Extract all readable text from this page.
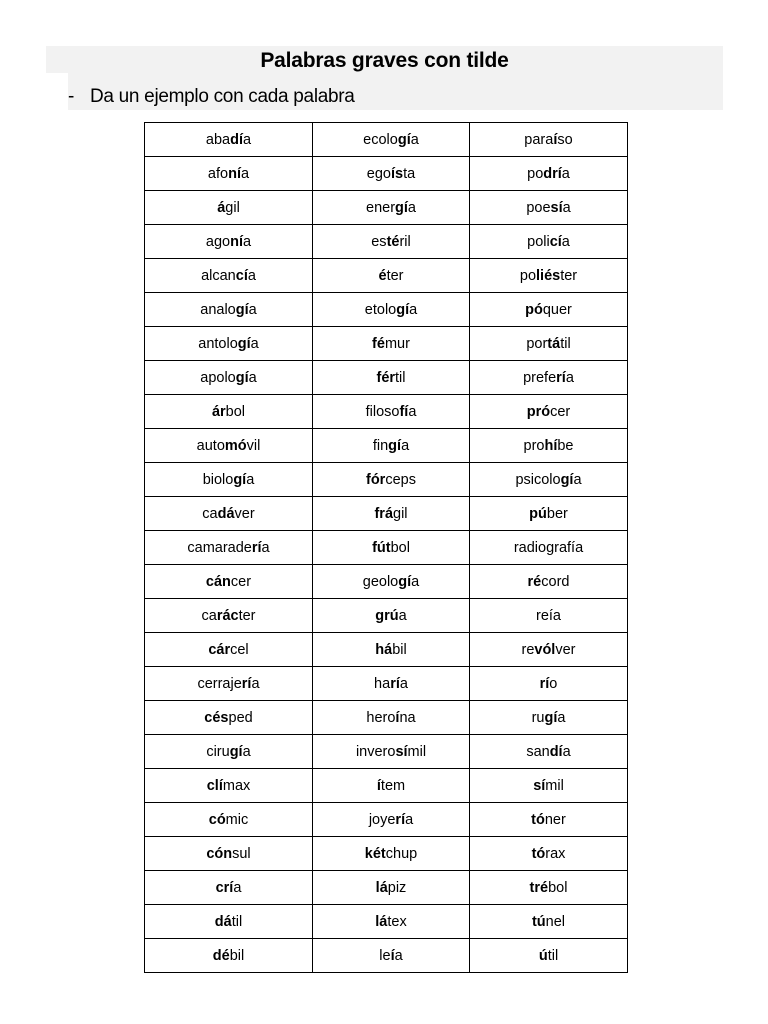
Palabras graves con tilde
- Da un ejemplo con cada palabra
abadía	ecología	paraíso
afonía	egoísta	podría
ágil	energía	poesía
agonía	estéril	policía
alcancía	éter	poliéster
analogía	etología	póquer
antología	fémur	portátil
apología	fértil	prefería
árbol	filosofía	prócer
automóvil	fingía	prohíbe
biología	fórceps	psicología
cadáver	frágil	púber
camaradería	fútbol	radiografía
cáncer	geología	récord
carácter	grúa	reía
cárcel	hábil	revólver
cerrajería	haría	río
césped	heroína	rugía
cirugía	inverosímil	sandía
clímax	ítem	símil
cómic	joyería	tóner
cónsul	kétchup	tórax
cría	lápiz	trébol
dátil	látex	túnel
débil	leía	útil
